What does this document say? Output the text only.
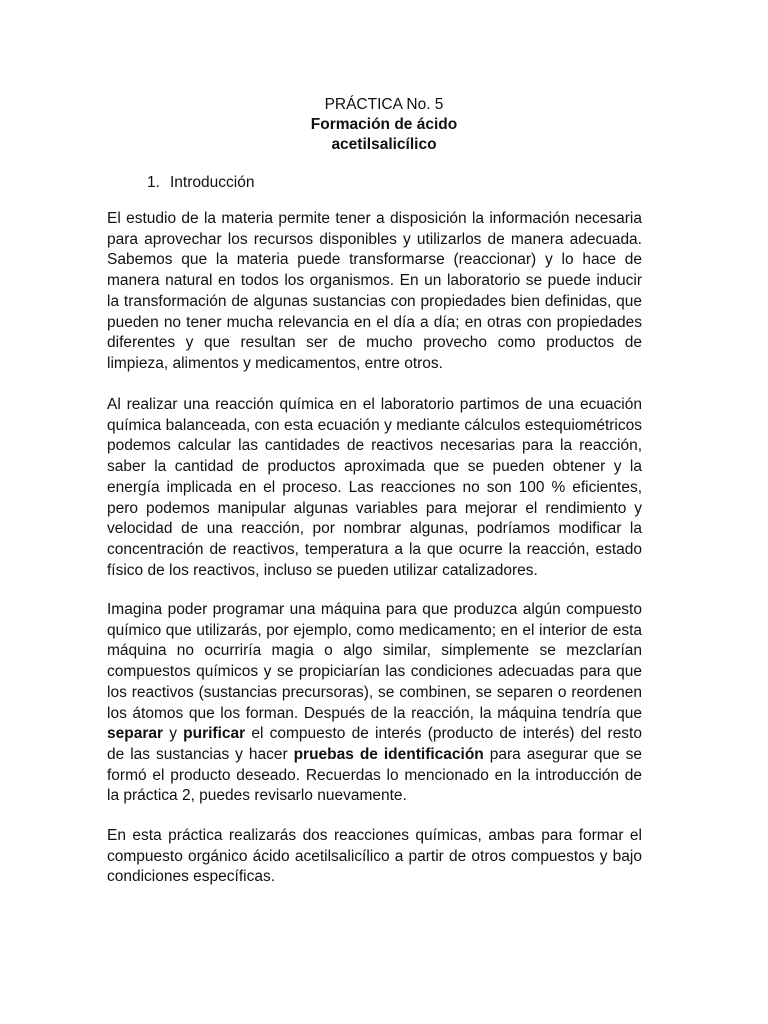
PRÁCTICA No. 5
Formación de ácido
acetilsalicílico
1. Introducción

El estudio de la materia permite tener a disposición la información necesaria para aprovechar los recursos disponibles y utilizarlos de manera adecuada. Sabemos que la materia puede transformarse (reaccionar) y lo hace de manera natural en todos los organismos. En un laboratorio se puede inducir la transformación de algunas sustancias con propiedades bien definidas, que pueden no tener mucha relevancia en el día a día; en otras con propiedades diferentes y que resultan ser de mucho provecho como productos de limpieza, alimentos y medicamentos, entre otros.

Al realizar una reacción química en el laboratorio partimos de una ecuación química balanceada, con esta ecuación y mediante cálculos estequiométricos podemos calcular las cantidades de reactivos necesarias para la reacción, saber la cantidad de productos aproximada que se pueden obtener y la energía implicada en el proceso. Las reacciones no son 100 % eficientes, pero podemos manipular algunas variables para mejorar el rendimiento y velocidad de una reacción, por nombrar algunas, podríamos modificar la concentración de reactivos, temperatura a la que ocurre la reacción, estado físico de los reactivos, incluso se pueden utilizar catalizadores.

Imagina poder programar una máquina para que produzca algún compuesto químico que utilizarás, por ejemplo, como medicamento; en el interior de esta máquina no ocurriría magia o algo similar, simplemente se mezclarían compuestos químicos y se propiciarían las condiciones adecuadas para que los reactivos (sustancias precursoras), se combinen, se separen o reordenen los átomos que los forman. Después de la reacción, la máquina tendría que separar y purificar el compuesto de interés (producto de interés) del resto de las sustancias y hacer pruebas de identificación para asegurar que se formó el producto deseado. Recuerdas lo mencionado en la introducción de la práctica 2, puedes revisarlo nuevamente.

En esta práctica realizarás dos reacciones químicas, ambas para formar el compuesto orgánico ácido acetilsalicílico a partir de otros compuestos y bajo condiciones específicas.
